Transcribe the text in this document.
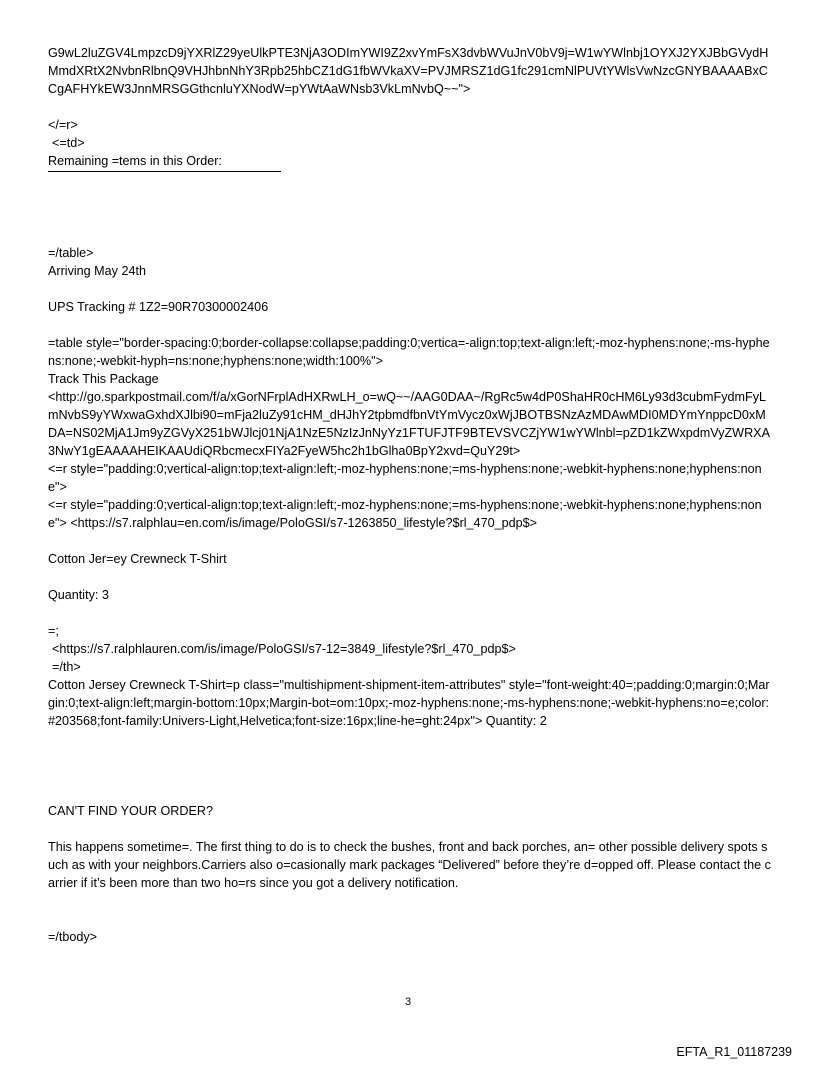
G9wL2luZGV4LmpzcD9jYXRlZ29yeUlkPTE3NjA3ODImYWI9Z2xvYmFsX3dvbWVuJnV0bV9j=W1wYWlnbj1OYXJ2YXJBbGVydHMmdXRtX2NvbnRlbnQ9VHJhbnNhY3Rpb25hbCZ1dG1fbWVkaXV=PVJMRSZ1dG1fc291cmNlPUVtYWlsVwNzcGNYBAAAABxCCgAFHYkEW3JnnMRSGGthcnluYXNodW=pYWtAaWNsb3VkLmNvbQ~~">

</=r>

<=td>

Remaining =tems in this Order:

=/table>

Arriving May 24th

UPS Tracking # 1Z2=90R70300002406

=table style="border-spacing:0;border-collapse:collapse;padding:0;vertica=-align:top;text-align:left;-moz-hyphens:none;-ms-hyphens:none;-webkit-hyph=ns:none;hyphens:none;width:100%">

Track This Package

<http://go.sparkpostmail.com/f/a/xGorNFrplAdHXRwLH_o=wQ~~/AAG0DAA~/RgRc5w4dP0ShaHR0cHM6Ly93d3cubmFydmFyLmNvbS9yYWxwaGxhdXJlbi90=mFja2luZy91cHM_dHJhY2tpbmdfbnVtYmVycz0xWjJBOTBSNzAzMDAwMDI0MDYmYnppcD0xMDA=NS02MjA1Jm9yZGVyX251bWJlcj01NjA1NzE5NzIzJnNyYz1FTUFJTF9BTEVSVCZjYW1wYWlnbl=pZD1kZWxpdmVyZWRXA3NwY1gEAAAAHEIKAAUdiQRbcmecxFIYa2FyeW5hc2h1bGlha0BpY2xvd=QuY29t>

<=r style="padding:0;vertical-align:top;text-align:left;-moz-hyphens:none;=ms-hyphens:none;-webkit-hyphens:none;hyphens:none">

<=r style="padding:0;vertical-align:top;text-align:left;-moz-hyphens:none;=ms-hyphens:none;-webkit-hyphens:none;hyphens:none"> <https://s7.ralphlau=en.com/is/image/PoloGSI/s7-1263850_lifestyle?$rl_470_pdp$>

Cotton Jer=ey Crewneck T-Shirt

Quantity: 3

=;

<https://s7.ralphlauren.com/is/image/PoloGSI/s7-12=3849_lifestyle?$rl_470_pdp$>

=/th>

Cotton Jersey Crewneck T-Shirt=p class="multishipment-shipment-item-attributes" style="font-weight:40=;padding:0;margin:0;Margin:0;text-align:left;margin-bottom:10px;Margin-bot=om:10px;-moz-hyphens:none;-ms-hyphens:none;-webkit-hyphens:no=e;color:#203568;font-family:Univers-Light,Helvetica;font-size:16px;line-he=ght:24px"> Quantity: 2

CAN'T FIND YOUR ORDER?

This happens sometime=. The first thing to do is to check the bushes, front and back porches, an= other possible delivery spots such as with your neighbors.Carriers also o=casionally mark packages “Delivered” before they’re d=opped off. Please contact the carrier if it’s been more than two ho=rs since you got a delivery notification.

=/tbody>

3
EFTA_R1_01187239
